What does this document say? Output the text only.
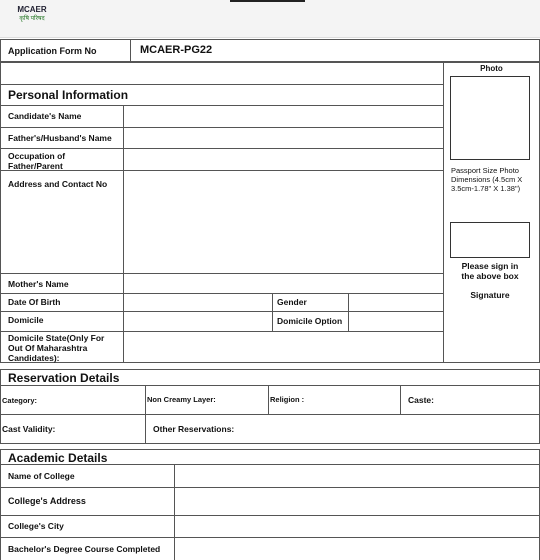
MCAER
कृषि परिषद
Application Form No	MCAER-PG22
Photo
Passport Size Photo Dimensions (4.5cm X 3.5cm-1.78" X 1.38")
Please sign in the above box
Signature
Personal Information
Candidate's Name
Father's/Husband's Name
Occupation of Father/Parent
Address and Contact No
Mother's Name
Date Of Birth	Gender
Domicile	Domicile Option
Domicile State(Only For Out Of Maharashtra Candidates):
Reservation Details
Category:	Non Creamy Layer:	Religion :	Caste:
Cast Validity:	Other Reservations:
Academic Details
Name of College
College's Address
College's City
Bachelor's Degree Course Completed
